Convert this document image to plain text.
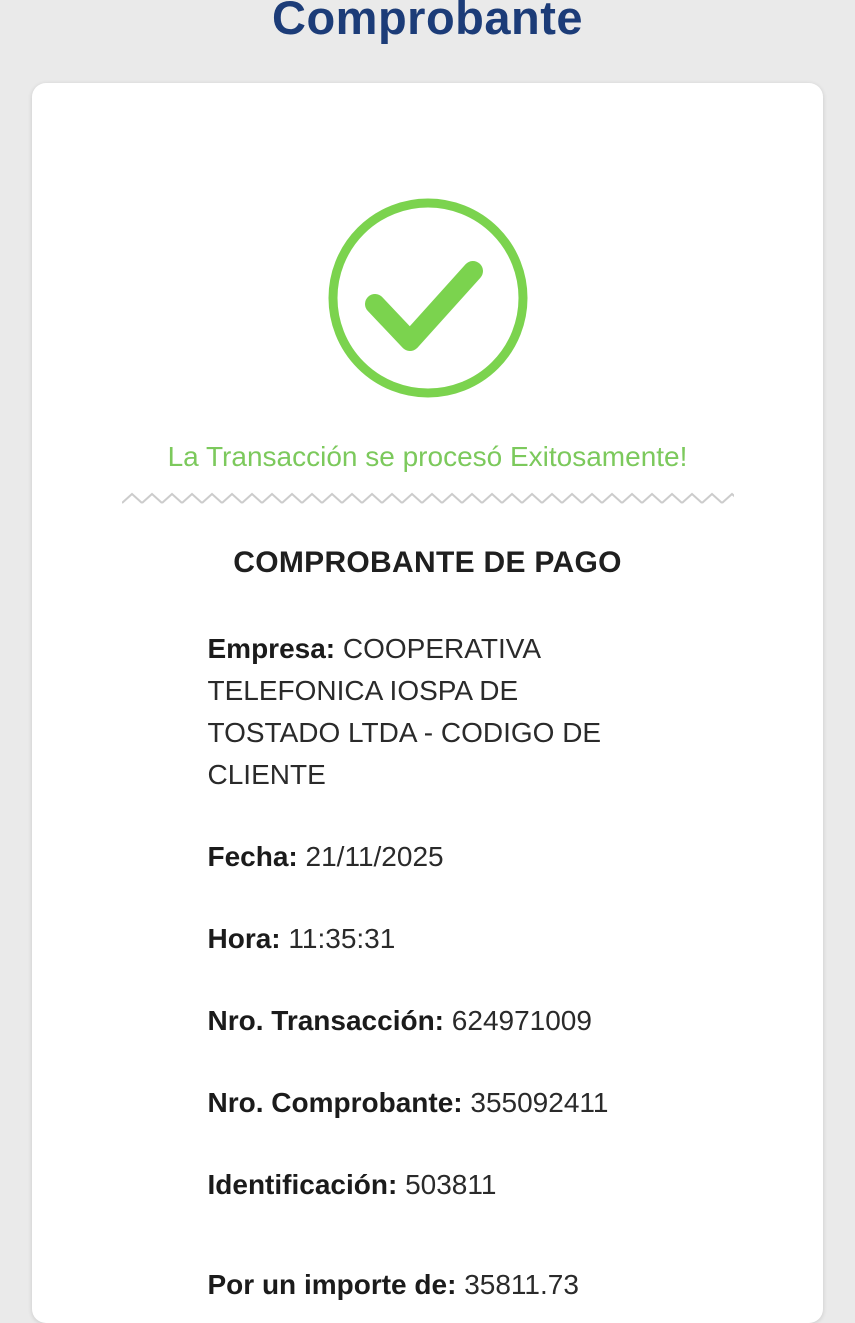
Comprobante

La Transacción se procesó Exitosamente!

COMPROBANTE DE PAGO
Empresa: COOPERATIVA TELEFONICA IOSPA DE TOSTADO LTDA - CODIGO DE CLIENTE
Fecha: 21/11/2025
Hora: 11:35:31
Nro. Transacción: 624971009
Nro. Comprobante: 355092411
Identificación: 503811
Por un importe de: 35811.73
